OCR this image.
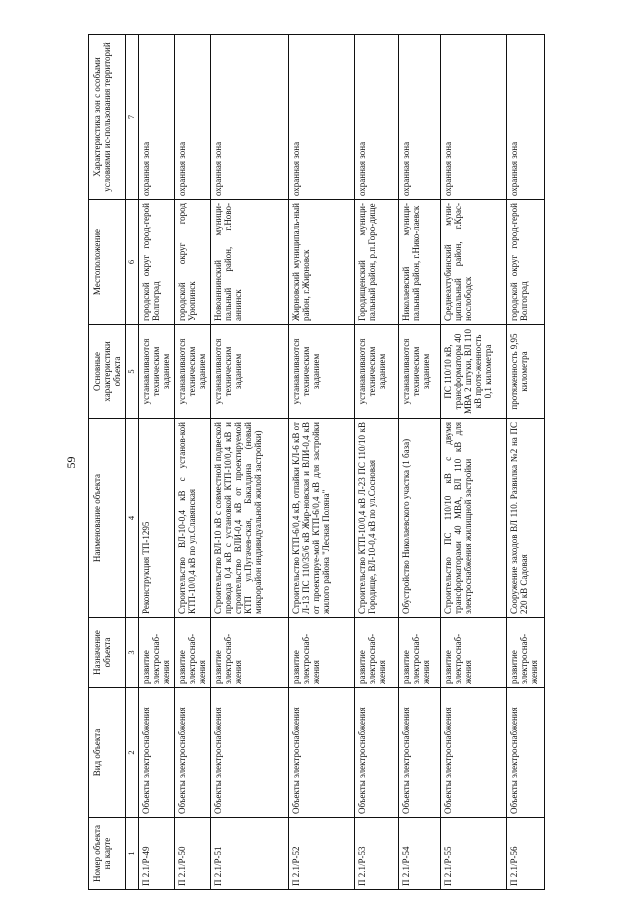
59
Номер объекта на карте	Вид объекта	Назначение объекта	Наименование объекта	Основные характеристики объекта	Местоположение	Характеристика зон с особыми условиями ис-пользования территорий
1	2	3	4	5	6	7
П 2.1/Р-49	Объекты электроснабжения	развитие электроснаб-жения	Реконструкция ТП-1295	устанавливаются техническим заданием	городской округ город-герой Волгоград	охранная зона
П 2.1/Р-50	Объекты электроснабжения	развитие электроснаб-жения	Строительство ВЛ-10-0,4 кВ с установ-кой КТП-10/0,4 кВ по ул.Славянская	устанавливаются техническим заданием	городской округ город Урюпинск	охранная зона
П 2.1/Р-51	Объекты электроснабжения	развитие электроснаб-жения	Строительство ВЛ-10 кВ с совместной подвеской провода 0,4 кВ с установкой КТП-10/0,4 кВ и строительство ВЛИ-0,4 кВ от проектируемой КТП ул.Пугачев-ская, Бакалдина (новый микрорайон индивидуальной жилой застройки)	устанавливаются техническим заданием	Новоаннинский муници-пальный район, г.Ново-аннинск	охранная зона
П 2.1/Р-52	Объекты электроснабжения	развитие электроснаб-жения	Строительство КТП-6/0,4 кВ, отпайки КЛ-6 кВ от Л-13 ПС 110/35/6 кВ Жир-новская и ВЛИ-0,4 кВ от проектируе-мой КТП-6/0,4 кВ для застройки жилого района "Лесная Поляна"	устанавливаются техническим заданием	Жирновский муниципаль-ный район, г.Жирновск	охранная зона
П 2.1/Р-53	Объекты электроснабжения	развитие электроснаб-жения	Строительство КТП-10/0,4 кВ Л-23 ПС 110/10 кВ Городище, ВЛ-10-0,4 кВ по ул.Сосновая	устанавливаются техническим заданием	Городищенский муници-пальный район, р.п.Горо-дище	охранная зона
П 2.1/Р-54	Объекты электроснабжения	развитие электроснаб-жения	Обустройство Николаевского участка (1 база)	устанавливаются техническим заданием	Николаевский муници-пальный район, г.Нико-лаевск	охранная зона
П 2.1/Р-55	Объекты электроснабжения	развитие электроснаб-жения	Строительство ПС 110/10 кВ с двумя трансформаторами 40 МВА, ВЛ 110 кВ для электроснабжения жилищной застройки	ПС 110/10 кВ, трансформаторы 40 МВА 2 штуки, ВЛ 110 кВ протя-женность 0,1 километра	Среднеахтубинский муни-ципальный район, г.Крас-нослободск	охранная зона
П 2.1/Р-56	Объекты электроснабжения	развитие электроснаб-жения	Сооружение заходов ВЛ 110. Развилка №2 на ПС 220 кВ Садовая	протяженность 9,95 километра	городской округ город-герой Волгоград	охранная зона
